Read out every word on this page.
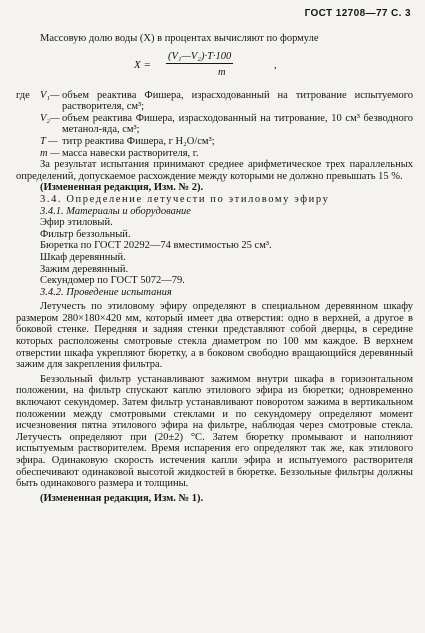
ГОСТ 12708—77 С. 3

Массовую долю воды (X) в процентах вычисляют по формуле

X =
(V₁—V₂)·T·100
m
,
где V₁— объем реактива Фишера, израсходованный на титрование испытуемого растворителя, см³;

V₂— объем реактива Фишера, израсходованный на титрование, 10 см³ безводного метанол-яда, см³;

T — титр реактива Фишера, г H₂O/см³;

m — масса навески растворителя, г.

За результат испытания принимают среднее арифметическое трех параллельных определений, допускаемое расхождение между которыми не должно превышать 15 %.

(Измененная редакция, Изм. № 2).

3.4. Определение летучести по этиловому эфиру

3.4.1. Материалы и оборудование

Эфир этиловый.

Фильтр беззольный.

Бюретка по ГОСТ 20292—74 вместимостью 25 см³.

Шкаф деревянный.

Зажим деревянный.

Секундомер по ГОСТ 5072—79.

3.4.2. Проведение испытания

Летучесть по этиловому эфиру определяют в специальном деревянном шкафу размером 280×180×420 мм, который имеет два отверстия: одно в верхней, а другое в боковой стенке. Передняя и задняя стенки представляют собой дверцы, в середине которых расположены смотровые стекла диаметром по 100 мм каждое. В верхнем отверстии шкафа укрепляют бюретку, а в боковом свободно вращающийся деревянный зажим для закрепления фильтра.

Беззольный фильтр устанавливают зажимом внутри шкафа в горизонтальном положении, на фильтр спускают каплю этилового эфира из бюретки; одновременно включают секундомер. Затем фильтр устанавливают поворотом зажима в вертикальном положении между смотровыми стеклами и по секундомеру определяют момент исчезновения пятна этилового эфира на фильтре, наблюдая через смотровые стекла. Летучесть определяют при (20±2) °С. Затем бюретку промывают и наполняют испытуемым растворителем. Время испарения его определяют так же, как этилового эфира. Одинаковую скорость истечения капли эфира и испытуемого растворителя обеспечивают одинаковой высотой жидкостей в бюретке. Беззольные фильтры должны быть одинакового размера и толщины.

(Измененная редакция, Изм. № 1).
